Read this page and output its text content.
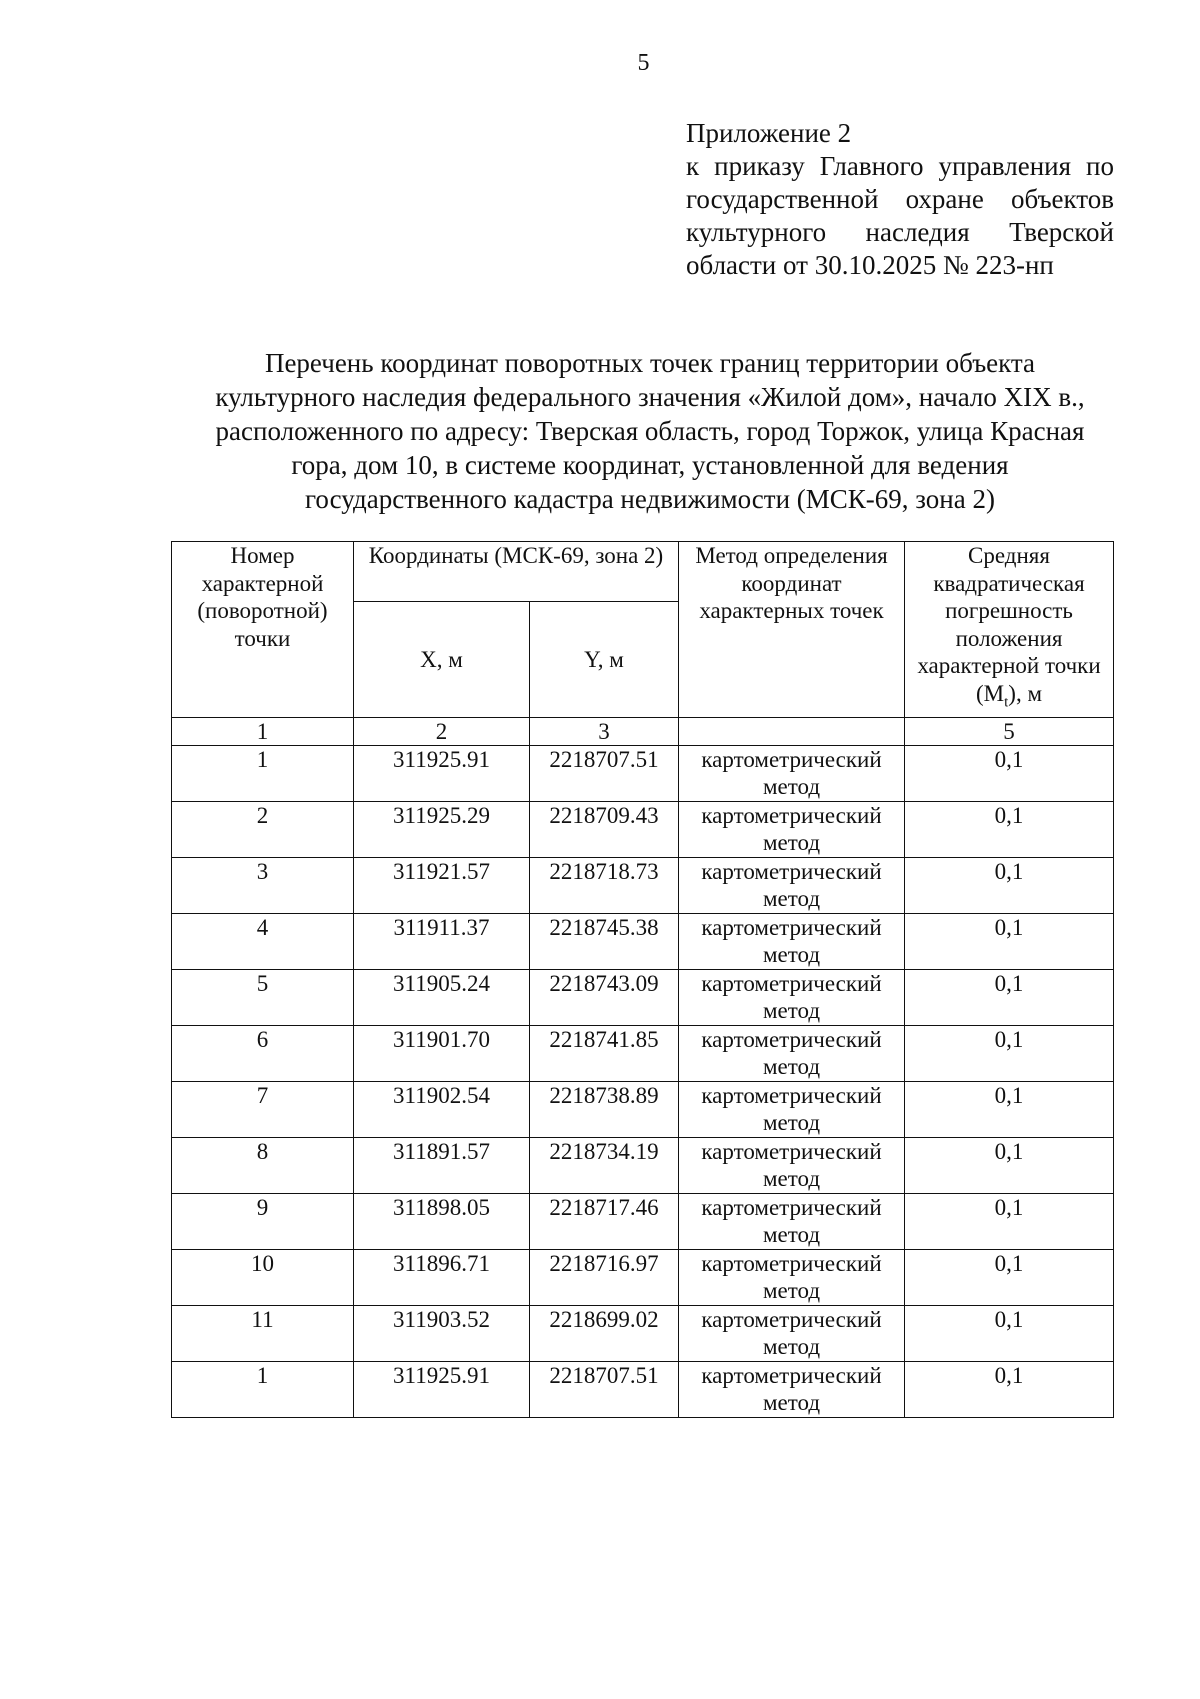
5
Приложение 2
к приказу Главного управления по
государственной охране объектов
культурного наследия Тверской
области от 30.10.2025 № 223-нп
Перечень координат поворотных точек границ территории объекта
культурного наследия федерального значения «Жилой дом», начало XIX в.,
расположенного по адресу: Тверская область, город Торжок, улица Красная
гора, дом 10, в системе координат, установленной для ведения
государственного кадастра недвижимости (МСК-69, зона 2)
Номер характерной (поворотной) точки	Координаты (МСК-69, зона 2)		Метод определения координат характерных точек	Средняя квадратическая погрешность положения характерной точки $(M_t)$, м
	X, м	Y, м		
1	2	3		5
1	311925.91	2218707.51	картометрический метод	0,1
2	311925.29	2218709.43	картометрический метод	0,1
3	311921.57	2218718.73	картометрический метод	0,1
4	311911.37	2218745.38	картометрический метод	0,1
5	311905.24	2218743.09	картометрический метод	0,1
6	311901.70	2218741.85	картометрический метод	0,1
7	311902.54	2218738.89	картометрический метод	0,1
8	311891.57	2218734.19	картометрический метод	0,1
9	311898.05	2218717.46	картометрический метод	0,1
10	311896.71	2218716.97	картометрический метод	0,1
11	311903.52	2218699.02	картометрический метод	0,1
1	311925.91	2218707.51	картометрический метод	0,1
